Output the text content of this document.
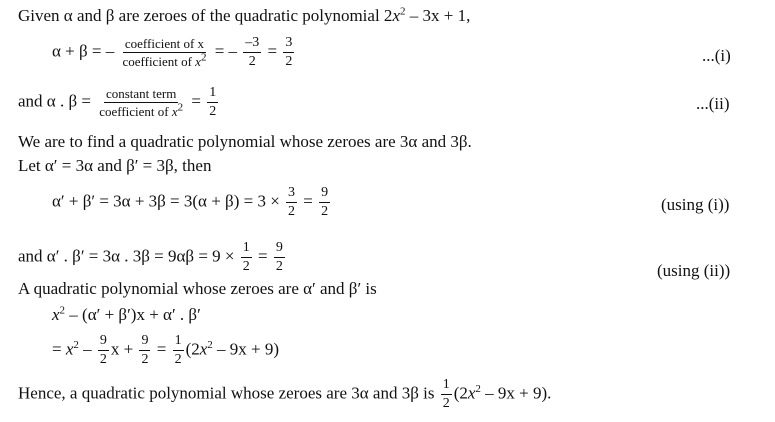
Given α and β are zeroes of the quadratic polynomial $2x^2 - 3x + 1$,
α + β = – $\frac{\text{coefficient of x}}{coefficient of x^2}$ = – $\frac{-3}{2} = \frac{3}{2}$	...(i)
and α . $\beta = \frac{\text{constant term}}{coefficient of x^2} = \frac{1}{2}$	...(ii)
We are to find a quadratic polynomial whose zeroes are 3α and 3β.
Let α′ = 3α and β′ = 3β, then
$\alpha' + \beta' = 3\alpha + 3\beta = 3(\alpha + \beta) = 3 \times \frac{3}{2} = \frac{9}{2}$	(using (i))
and α′ . β′ = 3α . $3\beta = 9\alpha\beta = 9 \times \frac{1}{2} = \frac{9}{2}$	(using (ii))
A quadratic polynomial whose zeroes are α′ and β′ is
$x^2 - (\alpha' + \beta')x + \alpha'$ . β′
= $x^2 - \frac{9}{2}$ $x + \frac{9}{2} = \frac{1}{2} (2x^2 - 9x + 9)$
Hence, a quadratic polynomial whose zeroes are 3α and 3β is $\frac{1}{2} (2x^2 - 9x + 9)$.
